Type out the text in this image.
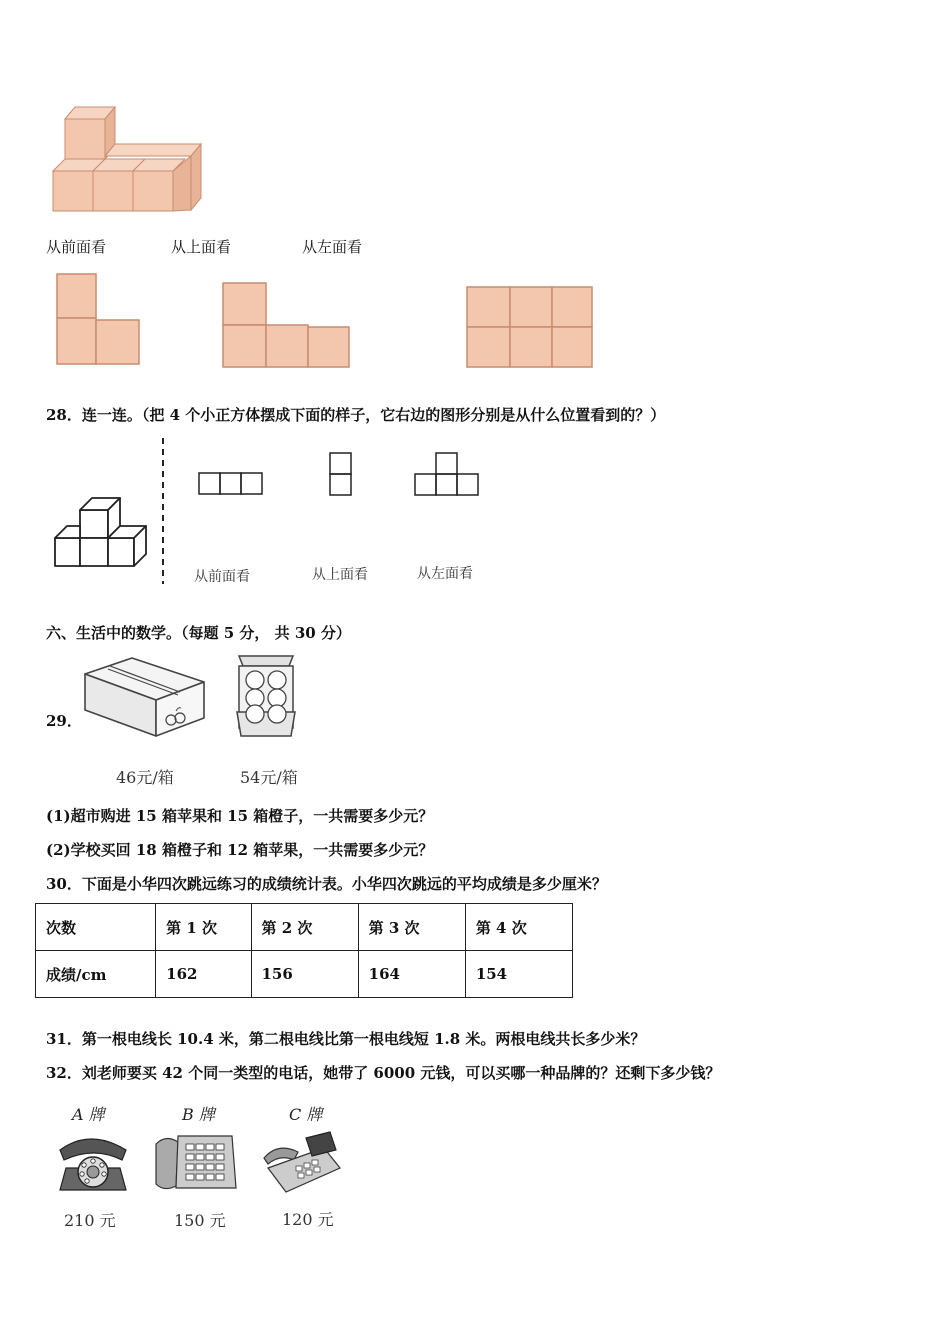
从前面看	从上面看	从左面看
28．连一连。（把 4 个小正方体摆成下面的样子，它右边的图形分别是从什么位置看到的？）
从前面看	从上面看	从左面看
六、生活中的数学。（每题 5 分， 共 30 分）
29．
46元/箱	54元/箱
(1)超市购进 15 箱苹果和 15 箱橙子，一共需要多少元？
(2)学校买回 18 箱橙子和 12 箱苹果，一共需要多少元？
30．下面是小华四次跳远练习的成绩统计表。小华四次跳远的平均成绩是多少厘米？
次数	第 1 次	第 2 次	第 3 次	第 4 次
成绩/cm	162	156	164	154
31．第一根电线长 10.4 米，第二根电线比第一根电线短 1.8 米。两根电线共长多少米？
32．刘老师要买 42 个同一类型的电话，她带了 6000 元钱，可以买哪一种品牌的？还剩下多少钱？
A 牌	B 牌	C 牌
210 元	150 元	120 元
